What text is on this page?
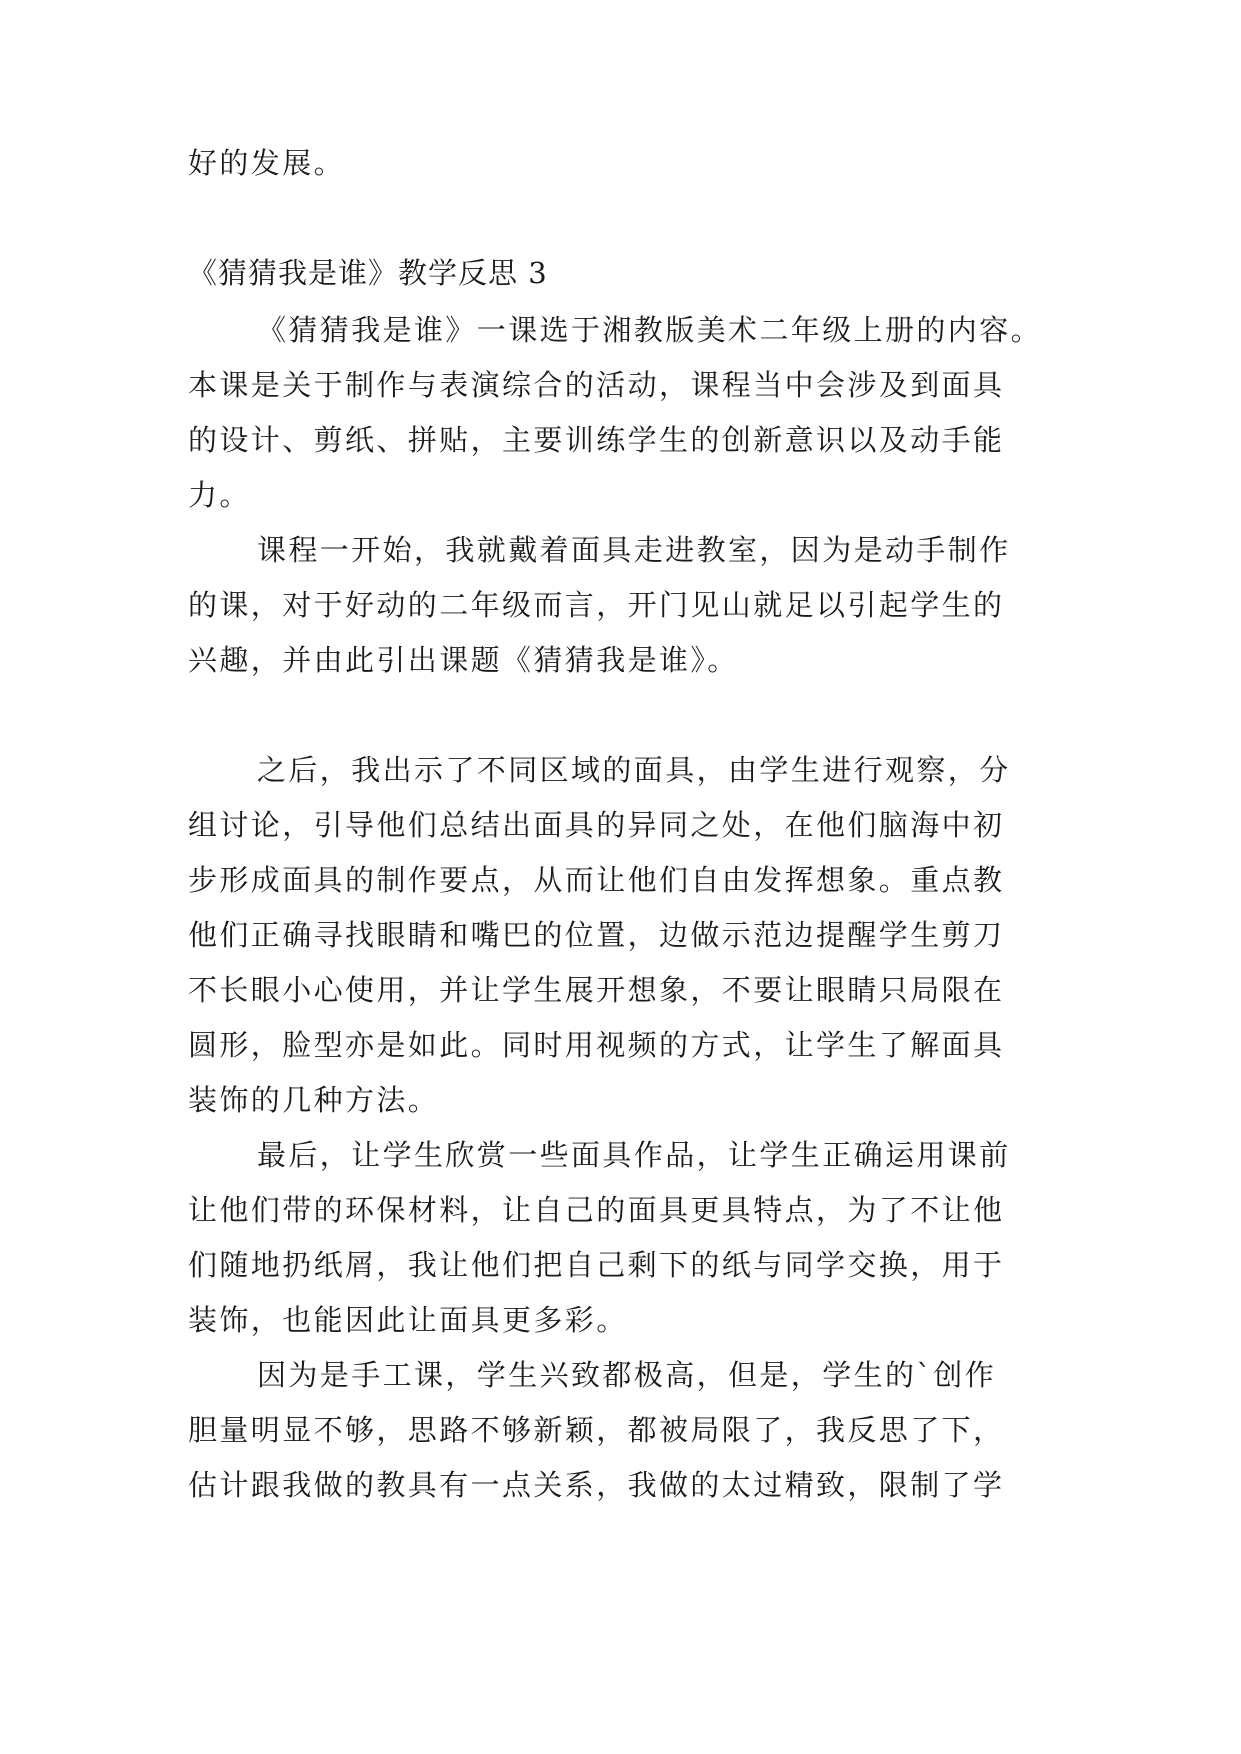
好的发展。
《猜猜我是谁》教学反思 3
《猜猜我是谁》一课选于湘教版美术二年级上册的内容。
本课是关于制作与表演综合的活动，课程当中会涉及到面具
的设计、剪纸、拼贴，主要训练学生的创新意识以及动手能
力。
课程一开始，我就戴着面具走进教室，因为是动手制作
的课，对于好动的二年级而言，开门见山就足以引起学生的
兴趣，并由此引出课题《猜猜我是谁》。
之后，我出示了不同区域的面具，由学生进行观察，分
组讨论，引导他们总结出面具的异同之处，在他们脑海中初
步形成面具的制作要点，从而让他们自由发挥想象。重点教
他们正确寻找眼睛和嘴巴的位置，边做示范边提醒学生剪刀
不长眼小心使用，并让学生展开想象，不要让眼睛只局限在
圆形，脸型亦是如此。同时用视频的方式，让学生了解面具
装饰的几种方法。
最后，让学生欣赏一些面具作品，让学生正确运用课前
让他们带的环保材料，让自己的面具更具特点，为了不让他
们随地扔纸屑，我让他们把自己剩下的纸与同学交换，用于
装饰，也能因此让面具更多彩。
因为是手工课，学生兴致都极高，但是，学生的`创作
胆量明显不够，思路不够新颖，都被局限了，我反思了下，
估计跟我做的教具有一点关系，我做的太过精致，限制了学
